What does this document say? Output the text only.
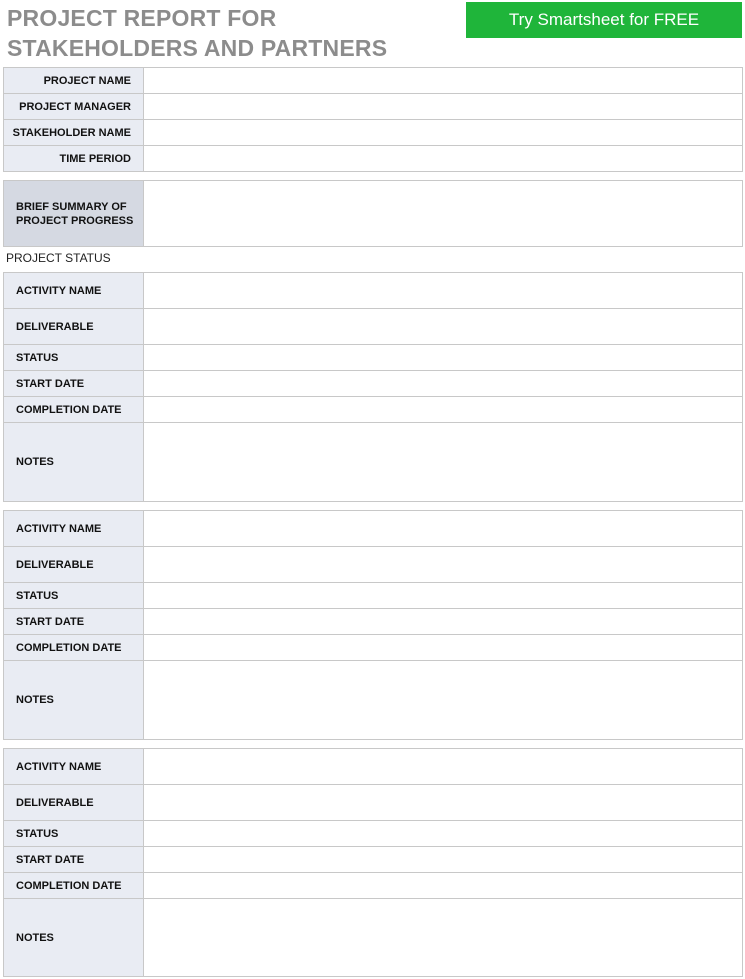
PROJECT REPORT FOR STAKEHOLDERS AND PARTNERS
Try Smartsheet for FREE
PROJECT NAME	
PROJECT MANAGER	
STAKEHOLDER NAME	
TIME PERIOD	
BRIEF SUMMARY OF PROJECT PROGRESS	
PROJECT STATUS
ACTIVITY NAME	
DELIVERABLE	
STATUS	
START DATE	
COMPLETION DATE	
NOTES	
ACTIVITY NAME	
DELIVERABLE	
STATUS	
START DATE	
COMPLETION DATE	
NOTES	
ACTIVITY NAME	
DELIVERABLE	
STATUS	
START DATE	
COMPLETION DATE	
NOTES	
